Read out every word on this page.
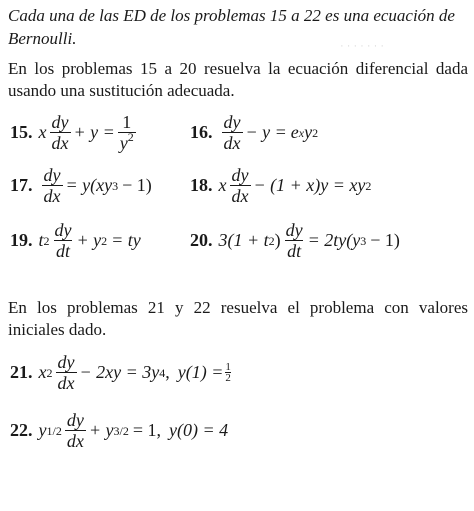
· · · · · · ·
Cada una de las ED de los problemas 15 a 22 es una ecuación de Bernoulli.
En los problemas 15 a 20 resuelva la ecuación diferencial dada usando una sustitución adecuada.
15. x $\frac{dy}{dx} + y = \frac{1}{y^2}$	16. $\frac{dy}{dx} - y = e$ x y 2
17. $\frac{dy}{dx} = y(xy$ 3 − 1) 18. x $\frac{dy}{dx} - (1 + x)y$ = xy 2
19. t $2 \frac{dy}{dt} + y$ 2 = ty	20. 3(1 + t 2 ) $\frac{dy}{dt} = 2ty(y$ 3 − 1)
En los problemas 21 y 22 resuelva el problema con valores iniciales dado.
21. x $2 \frac{dy}{dx} - 2xy = 3y$ 4 , $y(1) = \frac{1}{2}$
22. y $1/2 \frac{dy}{dx} + y$ 3/2 = 1, y(0) = 4
